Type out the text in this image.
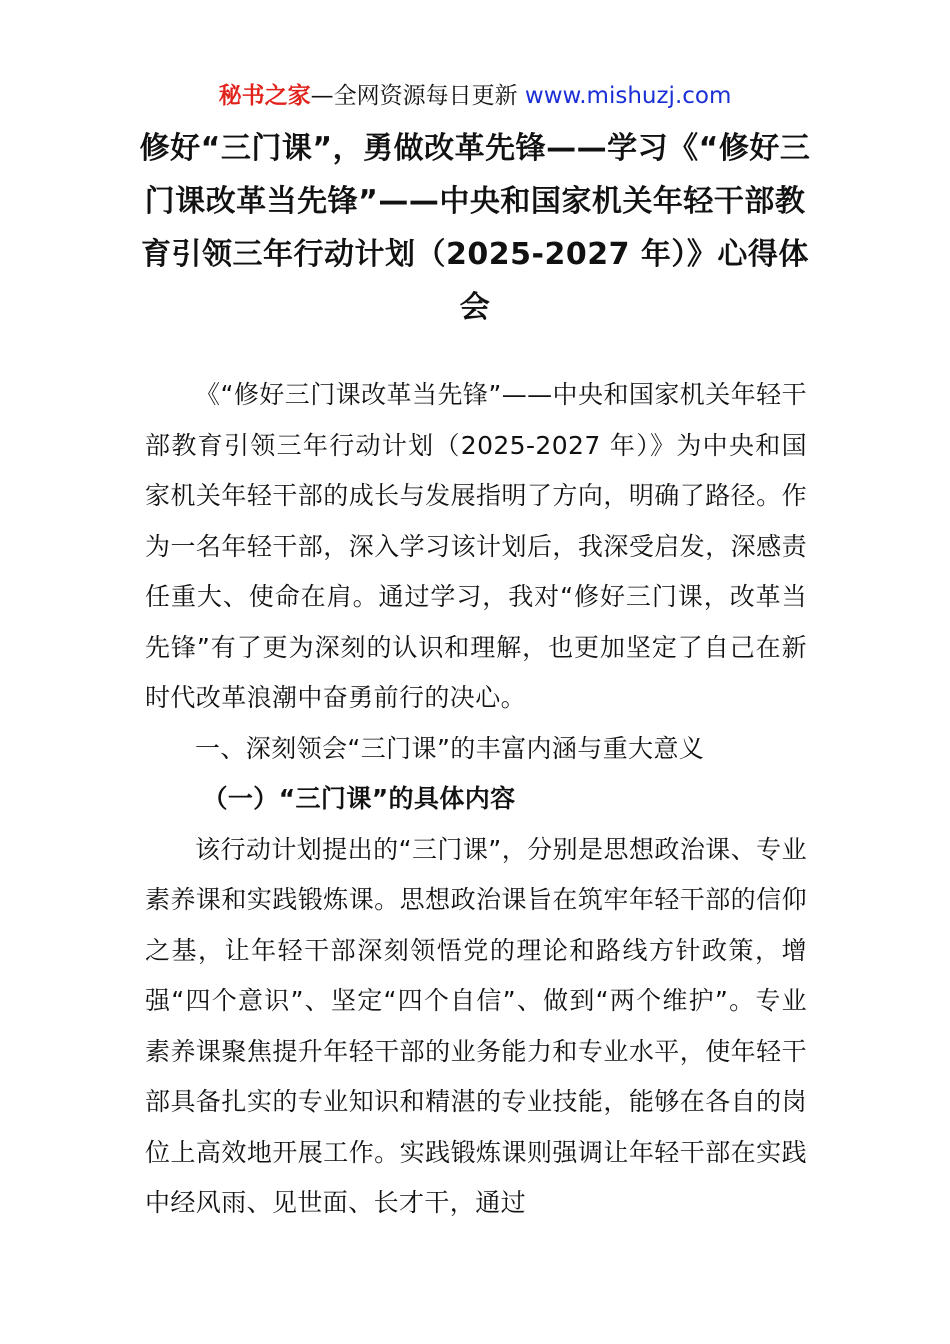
秘书之家—全网资源每日更新 www.mishuzj.com
修好“三门课”，勇做改革先锋——学习《“修好三门课改革当先锋”——中央和国家机关年轻干部教育引领三年行动计划（2025-2027 年）》心得体会

《“修好三门课改革当先锋”——中央和国家机关年轻干部教育引领三年行动计划（2025-2027 年）》为中央和国家机关年轻干部的成长与发展指明了方向，明确了路径。作为一名年轻干部，深入学习该计划后，我深受启发，深感责任重大、使命在肩。通过学习，我对“修好三门课，改革当先锋”有了更为深刻的认识和理解，也更加坚定了自己在新时代改革浪潮中奋勇前行的决心。

一、深刻领会“三门课”的丰富内涵与重大意义

（一）“三门课”的具体内容

该行动计划提出的“三门课”，分别是思想政治课、专业素养课和实践锻炼课。思想政治课旨在筑牢年轻干部的信仰之基，让年轻干部深刻领悟党的理论和路线方针政策，增强“四个意识”、坚定“四个自信”、做到“两个维护”。专业素养课聚焦提升年轻干部的业务能力和专业水平，使年轻干部具备扎实的专业知识和精湛的专业技能，能够在各自的岗位上高效地开展工作。实践锻炼课则强调让年轻干部在实践中经风雨、见世面、长才干，通过
